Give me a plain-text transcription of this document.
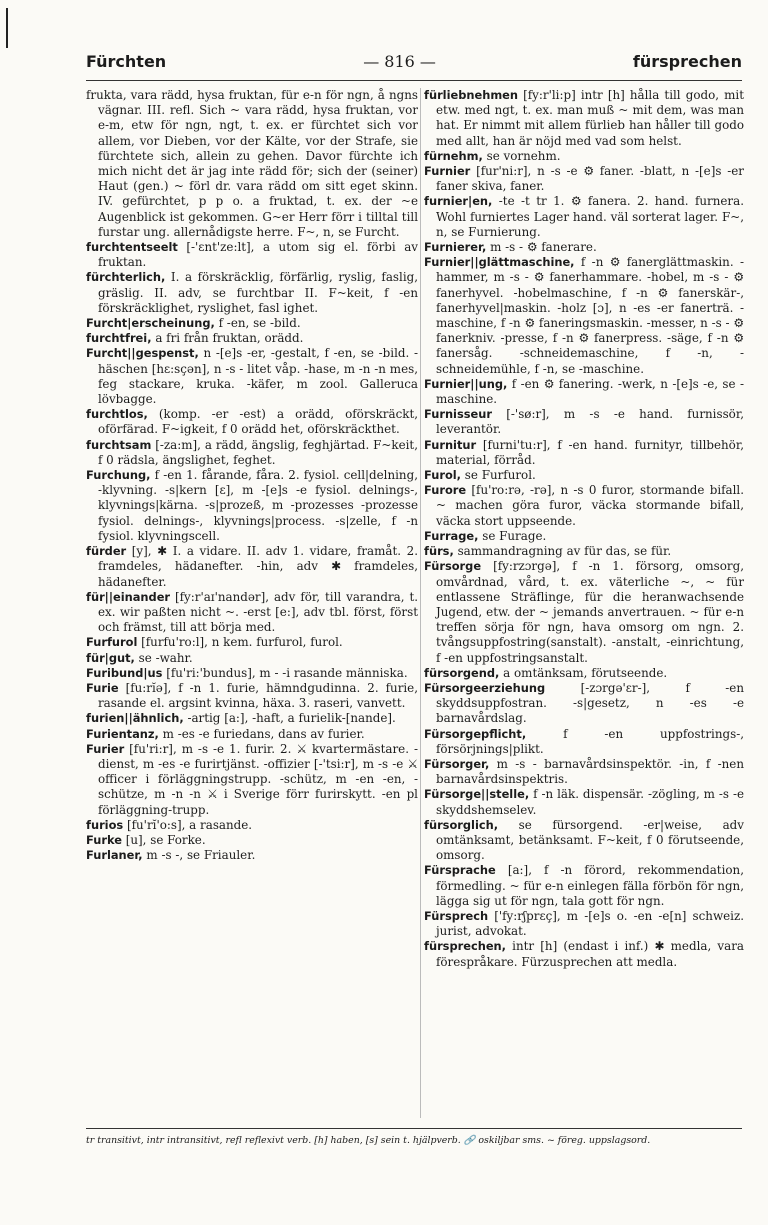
Fürchten	— 816 —	fürsprechen

frukta, vara rädd, hysa fruktan, für e-n för ngn, å ngns vägnar. III. refl. Sich ~ vara rädd, hysa fruktan, vor e-m, etw för ngn, ngt, t. ex. er fürchtet sich vor allem, vor Dieben, vor der Kälte, vor der Strafe, sie fürchtete sich, allein zu gehen. Davor fürchte ich mich nicht det är jag inte rädd för; sich der (seiner) Haut (gen.) ~ förl dr. vara rädd om sitt eget skinn. IV. gefürchtet, p p o. a fruktad, t. ex. der ~e Augenblick ist gekommen. G~er Herr förr i tilltal till furstar ung. allernådigste herre. F~, n, se Furcht.

furchtentseelt [-'ɛnt'ze:lt], a utom sig el. förbi av fruktan.

fürchterlich, I. a förskräcklig, förfärlig, ryslig, faslig, gräslig. II. adv, se furchtbar II. F~keit, f -en förskräcklighet, ryslighet, fasl ighet.

Furcht|erscheinung, f -en, se -bild.

furchtfrei, a fri från fruktan, orädd.

Furcht||gespenst, n -[e]s -er, -gestalt, f -en, se -bild. -häschen [hɛ:sçən], n -s - litet våp. -hase, m -n -n mes, feg stackare, kruka. -käfer, m zool. Galleruca lövbagge.

furchtlos, (komp. -er -est) a orädd, oförskräckt, oförfärad. F~igkeit, f 0 orädd het, oförskräckthet.

furchtsam [-za:m], a rädd, ängslig, feghjärtad. F~keit, f 0 rädsla, ängslighet, feghet.

Furchung, f -en 1. fårande, fåra. 2. fysiol. cell|delning, -klyvning. -s|kern [ɛ], m -[e]s -e fysiol. delnings-, klyvnings|kärna. -s|prozeß, m -prozesses -prozesse fysiol. delnings-, klyvnings|process. -s|zelle, f -n fysiol. klyvningscell.

fürder [y], ✱ I. a vidare. II. adv 1. vidare, framåt. 2. framdeles, hädanefter. -hin, adv ✱ framdeles, hädanefter.

für||einander [fy:r'aɪ'nandər], adv för, till varandra, t. ex. wir paßten nicht ~. -erst [e:], adv tbl. först, först och främst, till att börja med.

Furfurol [furfu'ro:l], n kem. furfurol, furol.

für|gut, se -wahr.

Furibund|us [fu'ri:'bundus], m - -i rasande människa.

Furie [fu:rĭə], f -n 1. furie, hämndgudinna. 2. furie, rasande el. argsint kvinna, häxa. 3. raseri, vanvett.

furien||ähnlich, -artig [a:], -haft, a furielik-[nande].

Furientanz, m -es -e furiedans, dans av furier.

Furier [fu'ri:r], m -s -e 1. furir. 2. ⚔ kvartermästare. -dienst, m -es -e furirtjänst. -offizier [-'tsi:r], m -s -e ⚔ officer i förläggningstrupp. -schütz, m -en -en, -schütze, m -n -n ⚔ i Sverige förr furirskytt. -en pl förläggning-trupp.

furios [fu'rĭ'o:s], a rasande.

Furke [u], se Forke.

Furlaner, m -s -, se Friauler.

fürliebnehmen [fy:r'li:p] intr [h] hålla till godo, mit etw. med ngt, t. ex. man muß ~ mit dem, was man hat. Er nimmt mit allem fürlieb han håller till godo med allt, han är nöjd med vad som helst.

fürnehm, se vornehm.

Furnier [fur'ni:r], n -s -e ⚙ faner. -blatt, n -[e]s -er faner skiva, faner.

furnier|en, -te -t tr 1. ⚙ fanera. 2. hand. furnera. Wohl furniertes Lager hand. väl sorterat lager. F~, n, se Furnierung.

Furnierer, m -s - ⚙ fanerare.

Furnier||glättmaschine, f -n ⚙ fanerglättmaskin. -hammer, m -s - ⚙ fanerhammare. -hobel, m -s - ⚙ fanerhyvel. -hobelmaschine, f -n ⚙ fanerskär-, fanerhyvel|maskin. -holz [ɔ], n -es -er fanerträ. -maschine, f -n ⚙ faneringsmaskin. -messer, n -s - ⚙ fanerkniv. -presse, f -n ⚙ fanerpress. -säge, f -n ⚙ fanersåg. -schneidemaschine, f -n, -schneidemühle, f -n, se -maschine.

Furnier||ung, f -en ⚙ fanering. -werk, n -[e]s -e, se -maschine.

Furnisseur [-'sø:r], m -s -e hand. furnissör, leverantör.

Furnitur [furni'tu:r], f -en hand. furnityr, tillbehör, material, förråd.

Furol, se Furfurol.

Furore [fu'ro:rə, -rə], n -s 0 furor, stormande bifall. ~ machen göra furor, väcka stormande bifall, väcka stort uppseende.

Furrage, se Furage.

fürs, sammandragning av für das, se für.

Fürsorge [fy:rzɔrgə], f -n 1. försorg, omsorg, omvårdnad, vård, t. ex. väterliche ~, ~ für entlassene Sträflinge, für die heranwachsende Jugend, etw. der ~ jemands anvertrauen. ~ für e-n treffen sörja för ngn, hava omsorg om ngn. 2. tvångsuppfostring(sanstalt). -anstalt, -einrichtung, f -en uppfostringsanstalt.

fürsorgend, a omtänksam, förutseende.

Fürsorgeerziehung	[-zɔrgə'ɛr-], f -en skyddsuppfostran. -s|gesetz, n -es -e barnavårdslag.

Fürsorgepflicht,	f -en uppfostrings-, försörjnings|plikt.

Fürsorger, m -s - barnavårdsinspektör. -in, f -nen barnavårdsinspektris.

Fürsorge||stelle, f -n läk. dispensär. -zögling, m -s -e skyddshemselev.

fürsorglich, se fürsorgend. -er|weise, adv omtänksamt, betänksamt. F~keit, f 0 förutseende, omsorg.

Fürsprache [a:], f -n förord, rekommendation, förmedling. ~ für e-n einlegen fälla förbön för ngn, lägga sig ut för ngn, tala gott för ngn.

Fürsprech ['fy:rʃprɛç], m -[e]s o. -en -e[n] schweiz. jurist, advokat.

fürsprechen, intr [h] (endast i inf.) ✱ medla, vara förespråkare. Fürzusprechen att medla.

tr transitivt, intr intransitivt, refl reflexivt verb. [h] haben, [s] sein t. hjälpverb. 🔗 oskiljbar sms. ~ föreg. uppslagsord.
